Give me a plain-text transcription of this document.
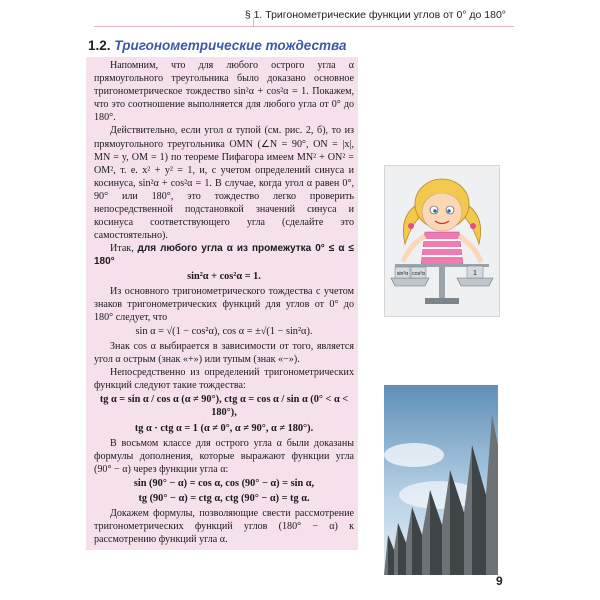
§ 1. Тригонометрические функции углов от 0° до 180°
1.2. Тригонометрические тождества

Напомним, что для любого острого угла α прямоугольного треугольника было доказано основное тригонометрическое тождество sin²α + cos²α = 1. Покажем, что это соотношение выполняется для любого угла от 0° до 180°.

Действительно, если угол α тупой (см. рис. 2, б), то из прямоугольного треугольника OMN (∠N = 90°, ON = |x|, MN = y, OM = 1) по теореме Пифагора имеем MN² + ON² = OM², т. е. x² + y² = 1, и, с учетом определений синуса и косинуса, sin²α + cos²α = 1. В случае, когда угол α равен 0°, 90° или 180°, это тождество легко проверить непосредственной подстановкой значений синуса и косинуса соответствующего угла (сделайте это самостоятельно).

Итак, для любого угла α из промежутка 0° ≤ α ≤ 180°

sin²α + cos²α = 1.

Из основного тригонометрического тождества с учетом знаков тригонометрических функций для углов от 0° до 180° следует, что

sin α = √(1 − cos²α), cos α = ±√(1 − sin²α).

Знак cos α выбирается в зависимости от того, является угол α острым (знак «+») или тупым (знак «−»).

Непосредственно из определений тригонометрических функций следуют такие тождества:

tg α = sin α / cos α (α ≠ 90°), ctg α = cos α / sin α (0° < α < 180°),
tg α · ctg α = 1 (α ≠ 0°, α ≠ 90°, α ≠ 180°).

В восьмом классе для острого угла α были доказаны формулы дополнения, которые выражают функции угла (90° − α) через функции угла α:

sin (90° − α) = cos α, cos (90° − α) = sin α,
tg (90° − α) = ctg α, ctg (90° − α) = tg α.

Докажем формулы, позволяющие свести рассмотрение тригонометрических функций углов (180° − α) к рассмотрению функций угла α.

sin²α cos²α	1
9
